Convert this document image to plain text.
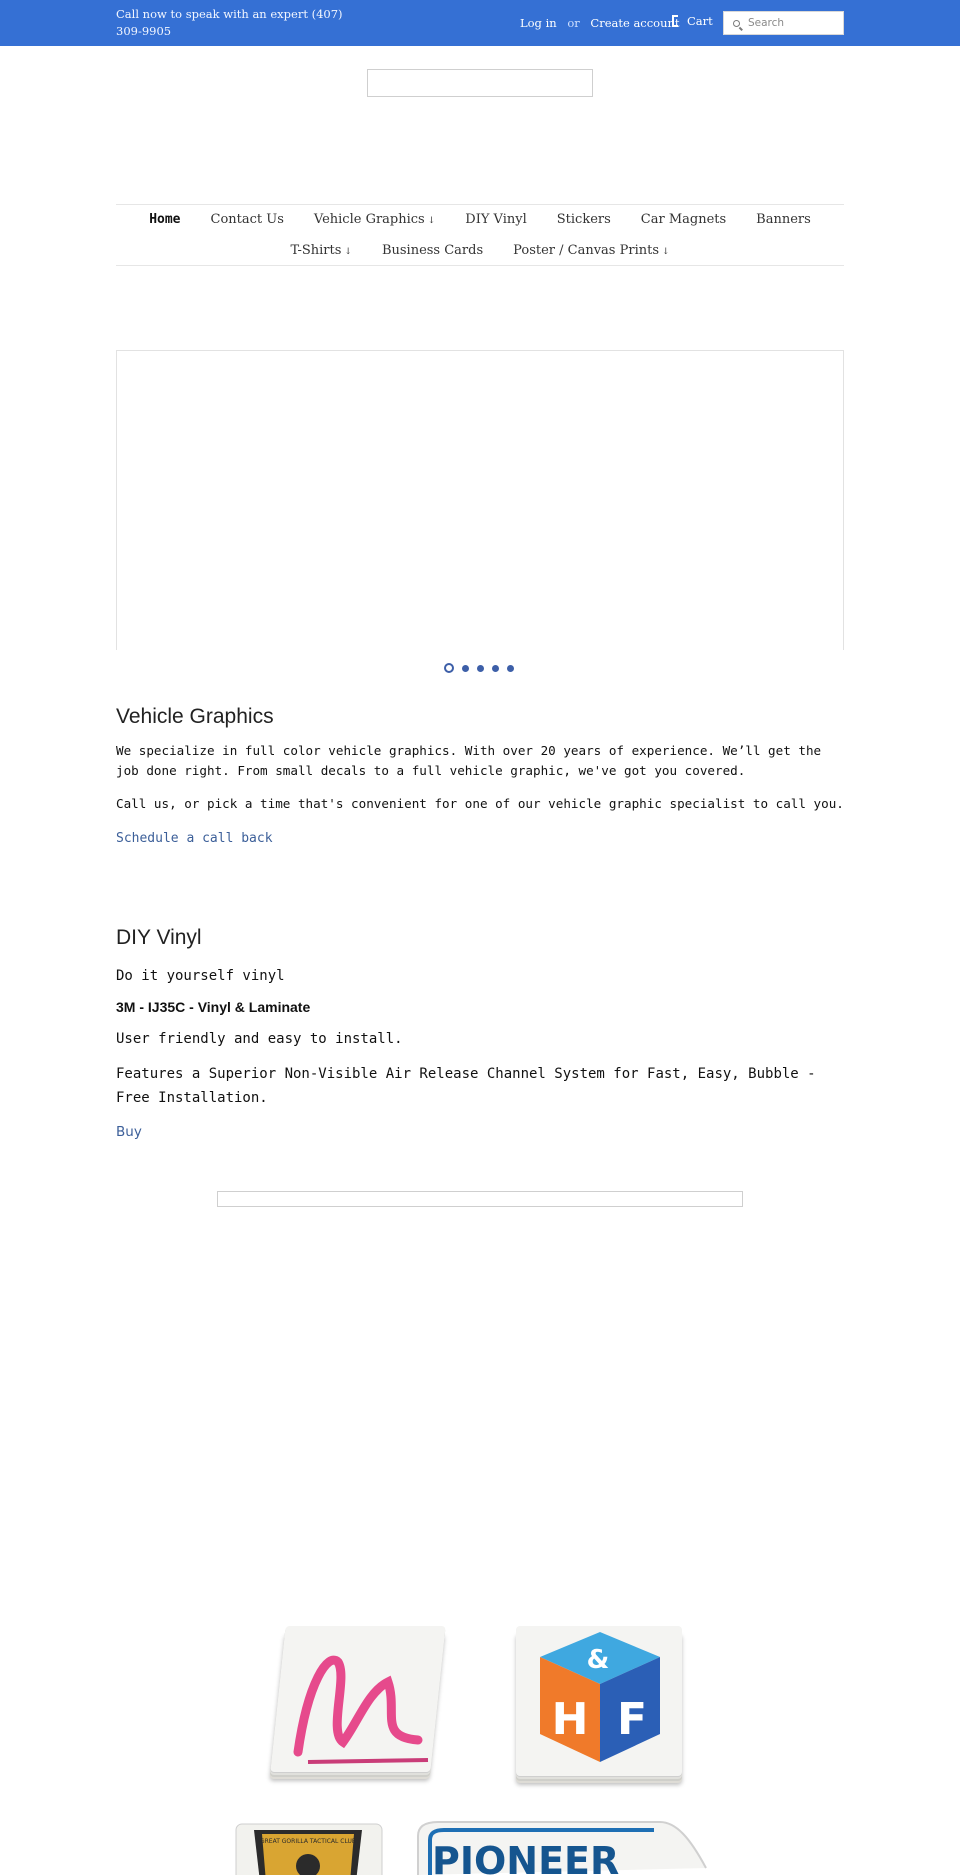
Call now to speak with an expert (407) 309-9905
Log in or Create account Cart
Search
Home Contact Us Vehicle Graphics ↓ DIY Vinyl Stickers Car Magnets Banners
T-Shirts ↓ Business Cards Poster / Canvas Prints ↓
Vehicle Graphics

We specialize in full color vehicle graphics. With over 20 years of experience. We’ll get the job done right. From small decals to a full vehicle graphic, we've got you covered.

Call us, or pick a time that's convenient for one of our vehicle graphic specialist to call you.

Schedule a call back
DIY Vinyl
Do it yourself vinyl
3M - IJ35C - Vinyl & Laminate
User friendly and easy to install.
Features a Superior Non-Visible Air Release Channel System for Fast, Easy, Bubble - Free Installation.
Buy
&
H F
GREAT GORILLA TACTICAL CLUB PIONEER
